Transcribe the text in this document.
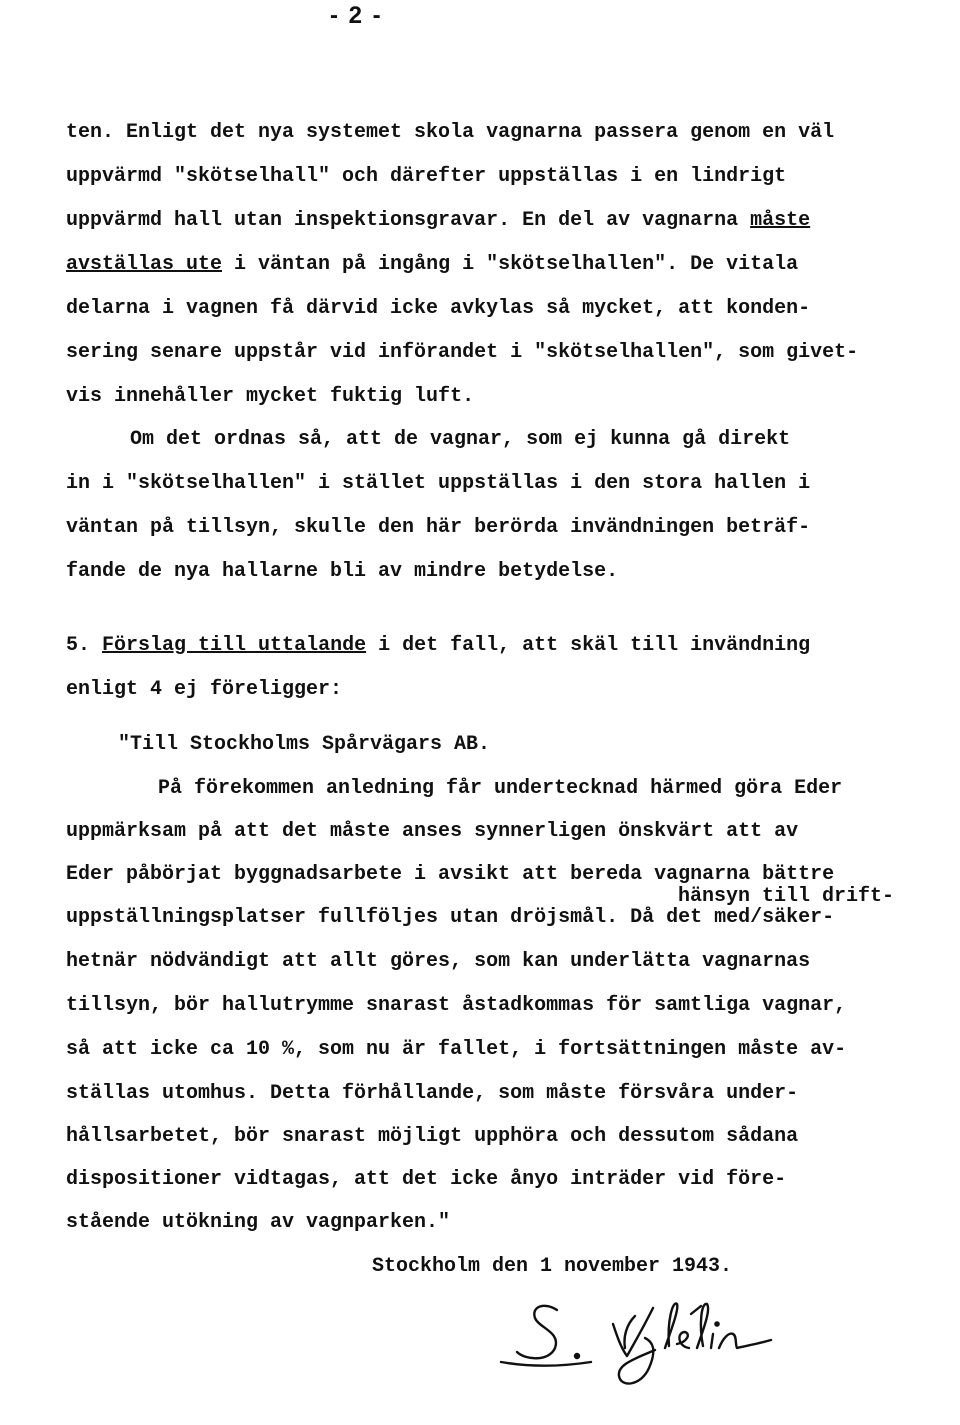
- 2 -
ten. Enligt det nya systemet skola vagnarna passera genom en väl
uppvärmd "skötselhall" och därefter uppställas i en lindrigt
uppvärmd hall utan inspektionsgravar. En del av vagnarna måste
avställas ute i väntan på ingång i "skötselhallen". De vitala
delarna i vagnen få därvid icke avkylas så mycket, att konden-
sering senare uppstår vid införandet i "skötselhallen", som givet-
vis innehåller mycket fuktig luft.
Om det ordnas så, att de vagnar, som ej kunna gå direkt
in i "skötselhallen" i stället uppställas i den stora hallen i
väntan på tillsyn, skulle den här berörda invändningen beträf-
fande de nya hallarne bli av mindre betydelse.
5. Förslag till uttalande i det fall, att skäl till invändning
enligt 4 ej föreligger:
"Till Stockholms Spårvägars AB.
På förekommen anledning får undertecknad härmed göra Eder
uppmärksam på att det måste anses synnerligen önskvärt att av
Eder påbörjat byggnadsarbete i avsikt att bereda vagnarna bättre
hänsyn till drift-
uppställningsplatser fullföljes utan dröjsmål. Då det med/säker-
hetnär nödvändigt att allt göres, som kan underlätta vagnarnas
tillsyn, bör hallutrymme snarast åstadkommas för samtliga vagnar,
så att icke ca 10 %, som nu är fallet, i fortsättningen måste av-
ställas utomhus. Detta förhållande, som måste försvåra under-
hållsarbetet, bör snarast möjligt upphöra och dessutom sådana
dispositioner vidtagas, att det icke ånyo inträder vid före-
stående utökning av vagnparken."
Stockholm den 1 november 1943.
